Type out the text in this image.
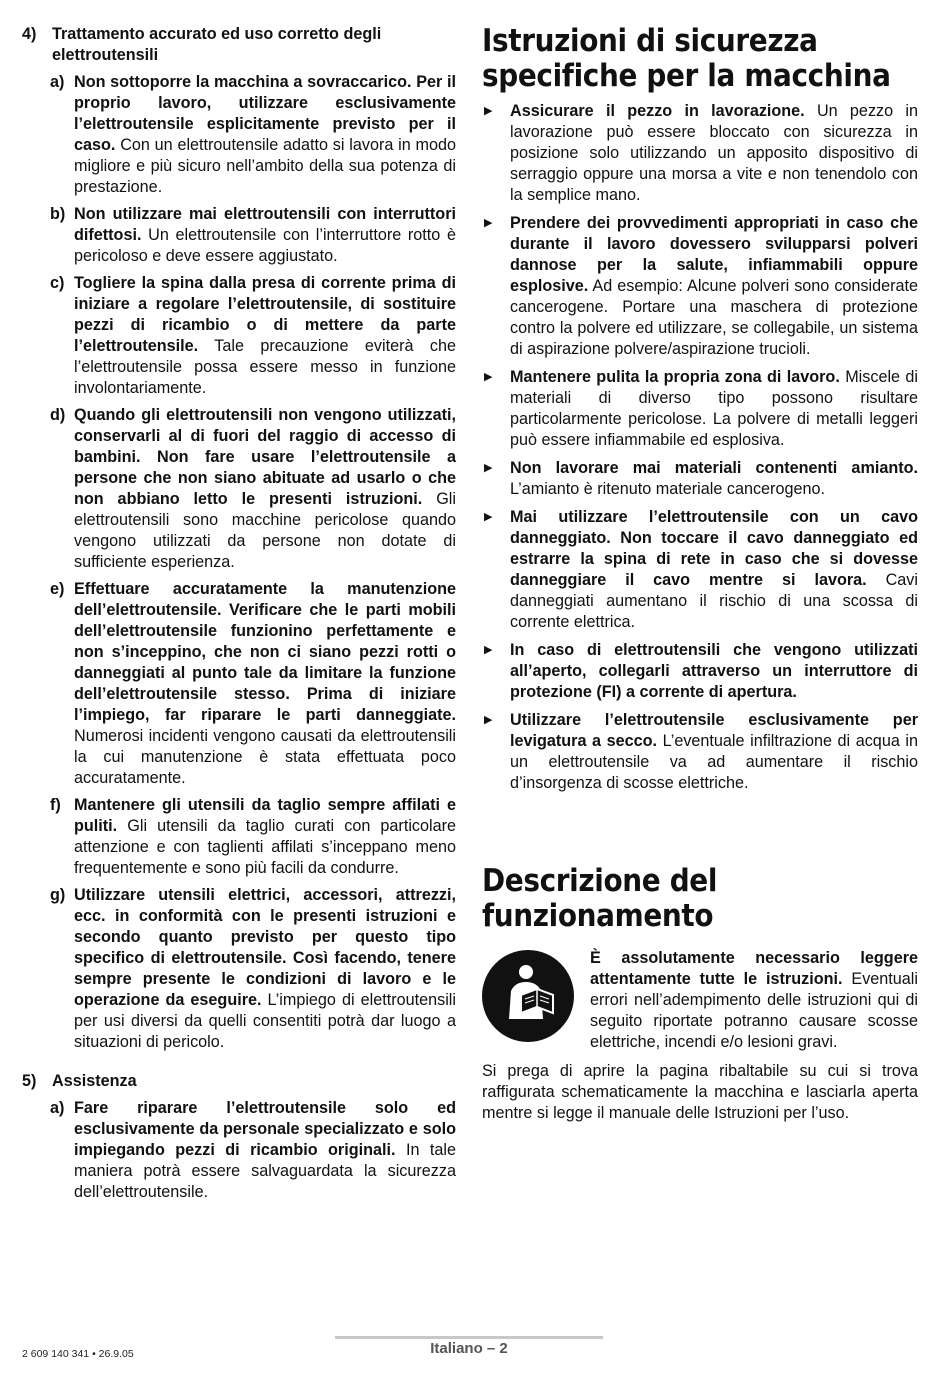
4) Trattamento accurato ed uso corretto degli elettroutensili
a) Non sottoporre la macchina a sovraccarico. Per il proprio lavoro, utilizzare esclusivamente l’elettroutensile esplicitamente previsto per il caso. Con un elettroutensile adatto si lavora in modo migliore e più sicuro nell’ambito della sua potenza di prestazione.
b) Non utilizzare mai elettroutensili con interruttori difettosi. Un elettroutensile con l’interruttore rotto è pericoloso e deve essere aggiustato.
c) Togliere la spina dalla presa di corrente prima di iniziare a regolare l’elettroutensile, di sostituire pezzi di ricambio o di mettere da parte l’elettroutensile. Tale precauzione eviterà che l’elettroutensile possa essere messo in funzione involontariamente.
d) Quando gli elettroutensili non vengono utilizzati, conservarli al di fuori del raggio di accesso di bambini. Non fare usare l’elettroutensile a persone che non siano abituate ad usarlo o che non abbiano letto le presenti istruzioni. Gli elettroutensili sono macchine pericolose quando vengono utilizzati da persone non dotate di sufficiente esperienza.
e) Effettuare accuratamente la manutenzione dell’elettroutensile. Verificare che le parti mobili dell’elettroutensile funzionino perfettamente e non s’inceppino, che non ci siano pezzi rotti o danneggiati al punto tale da limitare la funzione dell’elettroutensile stesso. Prima di iniziare l’impiego, far riparare le parti danneggiate. Numerosi incidenti vengono causati da elettroutensili la cui manutenzione è stata effettuata poco accuratamente.
f) Mantenere gli utensili da taglio sempre affilati e puliti. Gli utensili da taglio curati con particolare attenzione e con taglienti affilati s’inceppano meno frequentemente e sono più facili da condurre.
g) Utilizzare utensili elettrici, accessori, attrezzi, ecc. in conformità con le presenti istruzioni e secondo quanto previsto per questo tipo specifico di elettroutensile. Così facendo, tenere sempre presente le condizioni di lavoro e le operazione da eseguire. L’impiego di elettroutensili per usi diversi da quelli consentiti potrà dar luogo a situazioni di pericolo.
5) Assistenza
a) Fare riparare l’elettroutensile solo ed esclusivamente da personale specializzato e solo impiegando pezzi di ricambio originali. In tale maniera potrà essere salvaguardata la sicurezza dell’elettroutensile.
Istruzioni di sicurezza
specifiche per la macchina
▶	Assicurare il pezzo in lavorazione. Un pezzo in lavorazione può essere bloccato con sicurezza in posizione solo utilizzando un apposito dispositivo di serraggio oppure una morsa a vite e non tenendolo con la semplice mano.
▶	Prendere dei provvedimenti appropriati in caso che durante il lavoro dovessero svilupparsi polveri dannose per la salute, infiammabili oppure esplosive. Ad esempio: Alcune polveri sono considerate cancerogene. Portare una maschera di protezione contro la polvere ed utilizzare, se collegabile, un sistema di aspirazione polvere/aspirazione trucioli.
▶	Mantenere pulita la propria zona di lavoro. Miscele di materiali di diverso tipo possono risultare particolarmente pericolose. La polvere di metalli leggeri può essere infiammabile ed esplosiva.
▶	Non lavorare mai materiali contenenti amianto. L’amianto è ritenuto materiale cancerogeno.
▶	Mai utilizzare l’elettroutensile con un cavo danneggiato. Non toccare il cavo danneggiato ed estrarre la spina di rete in caso che si dovesse danneggiare il cavo mentre si lavora. Cavi danneggiati aumentano il rischio di una scossa di corrente elettrica.
▶	In caso di elettroutensili che vengono utilizzati all’aperto, collegarli attraverso un interruttore di protezione (FI) a corrente di apertura.
▶	Utilizzare l’elettroutensile esclusivamente per levigatura a secco. L’eventuale infiltrazione di acqua in un elettroutensile va ad aumentare il rischio d’insorgenza di scosse elettriche.
Descrizione del
funzionamento
È assolutamente necessario leggere attentamente tutte le istruzioni. Eventuali errori nell’adempimento delle istruzioni qui di seguito riportate potranno causare scosse elettriche, incendi e/o lesioni gravi.
Si prega di aprire la pagina ribaltabile su cui si trova raffigurata schematicamente la macchina e lasciarla aperta mentre si legge il manuale delle Istruzioni per l’uso.
2 609 140 341 • 26.9.05	Italiano – 2
